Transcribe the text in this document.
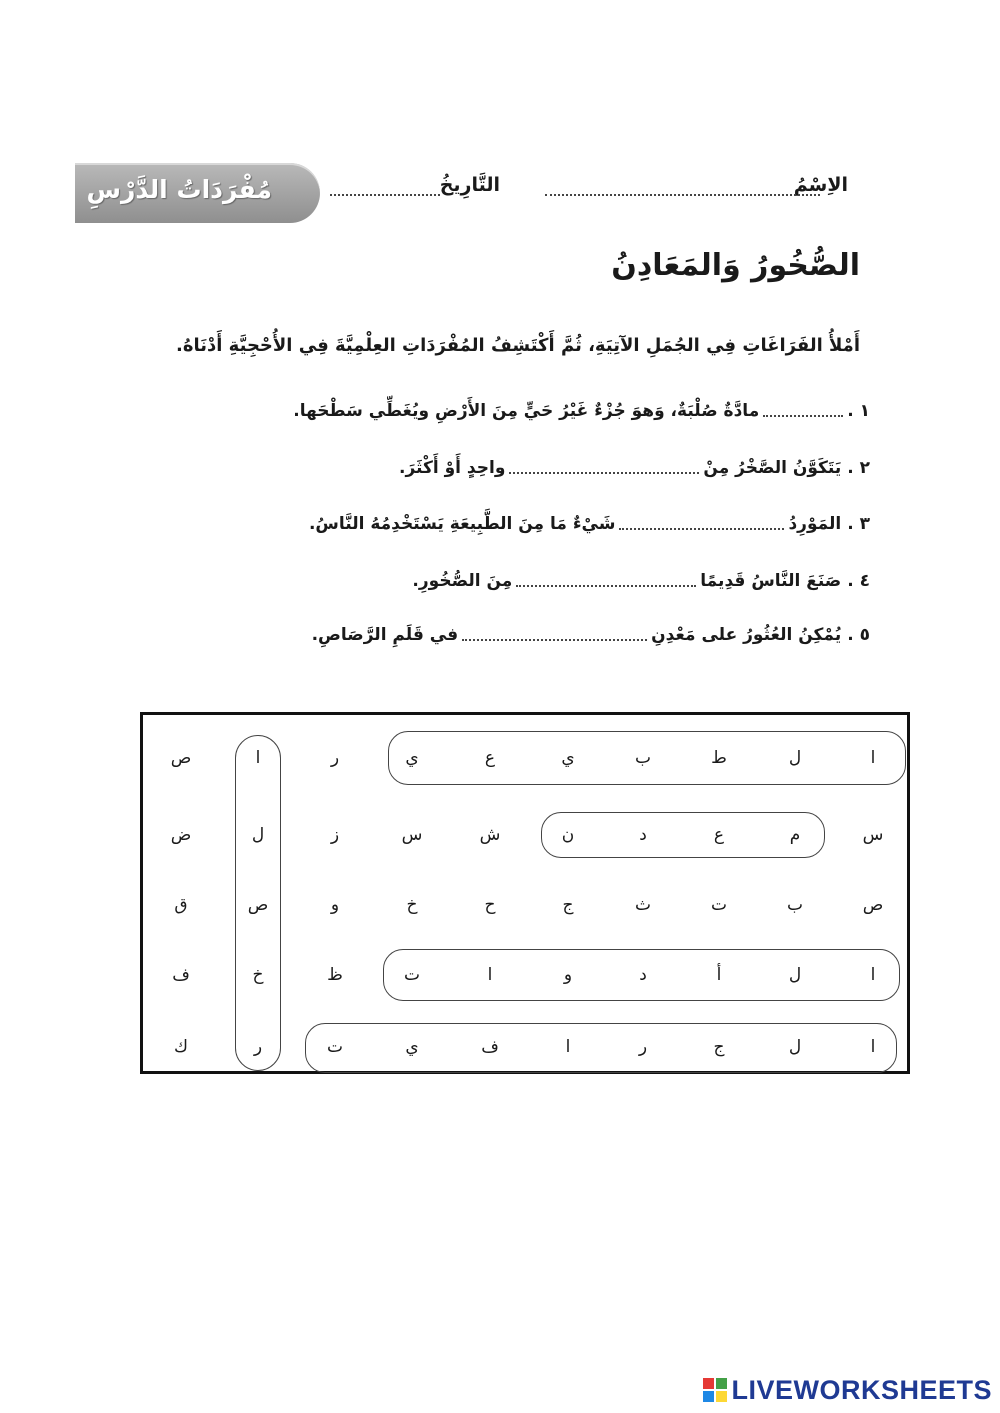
مُفْرَدَاتُ الدَّرْسِ	الاِسْمُ
التَّارِيخُ
الصُّخُورُ وَالمَعَادِنُ
أَمْلأُ الفَرَاغَاتِ فِي الجُمَلِ الآتِيَةِ، ثُمَّ أَكْتَشِفُ المُفْرَدَاتِ العِلْمِيَّةَ فِي الأُحْجِيَّةِ أَدْنَاهُ.
١ .
مادَّةٌ صُلْبَةٌ، وَهوَ جُزْءٌ غَيْرُ حَيٍّ مِنَ الأَرْضِ ويُغَطِّي سَطْحَها.
٢ .
يَتَكَوَّنُ الصَّخْرُ مِنْ
واحِدٍ أَوْ أَكْثَرَ.
٣ .
المَوْرِدُ
شَيْءٌ مَا مِنَ الطَّبِيعَةِ يَسْتَخْدِمُهُ النَّاسُ.
٤ .
صَنَعَ النَّاسُ قَدِيمًا
مِنَ الصُّخُورِ.
٥ .
يُمْكِنُ العُثُورُ على مَعْدِنِ
في قَلَمِ الرَّصَاصِ.
ا
ل
ط
ب
ي
ع
ي
ر
ا
ص
س
م
ع
د
ن
ش
س
ز
ل
ض
ص
ب
ت
ث
ج
ح
خ
و
ص
ق
ا
ل
أ
د
و
ا
ت
ظ
خ
ف
ا
ل
ج
ر
ا
ف
ي
ت
ر
ك
LIVEWORKSHEETS
